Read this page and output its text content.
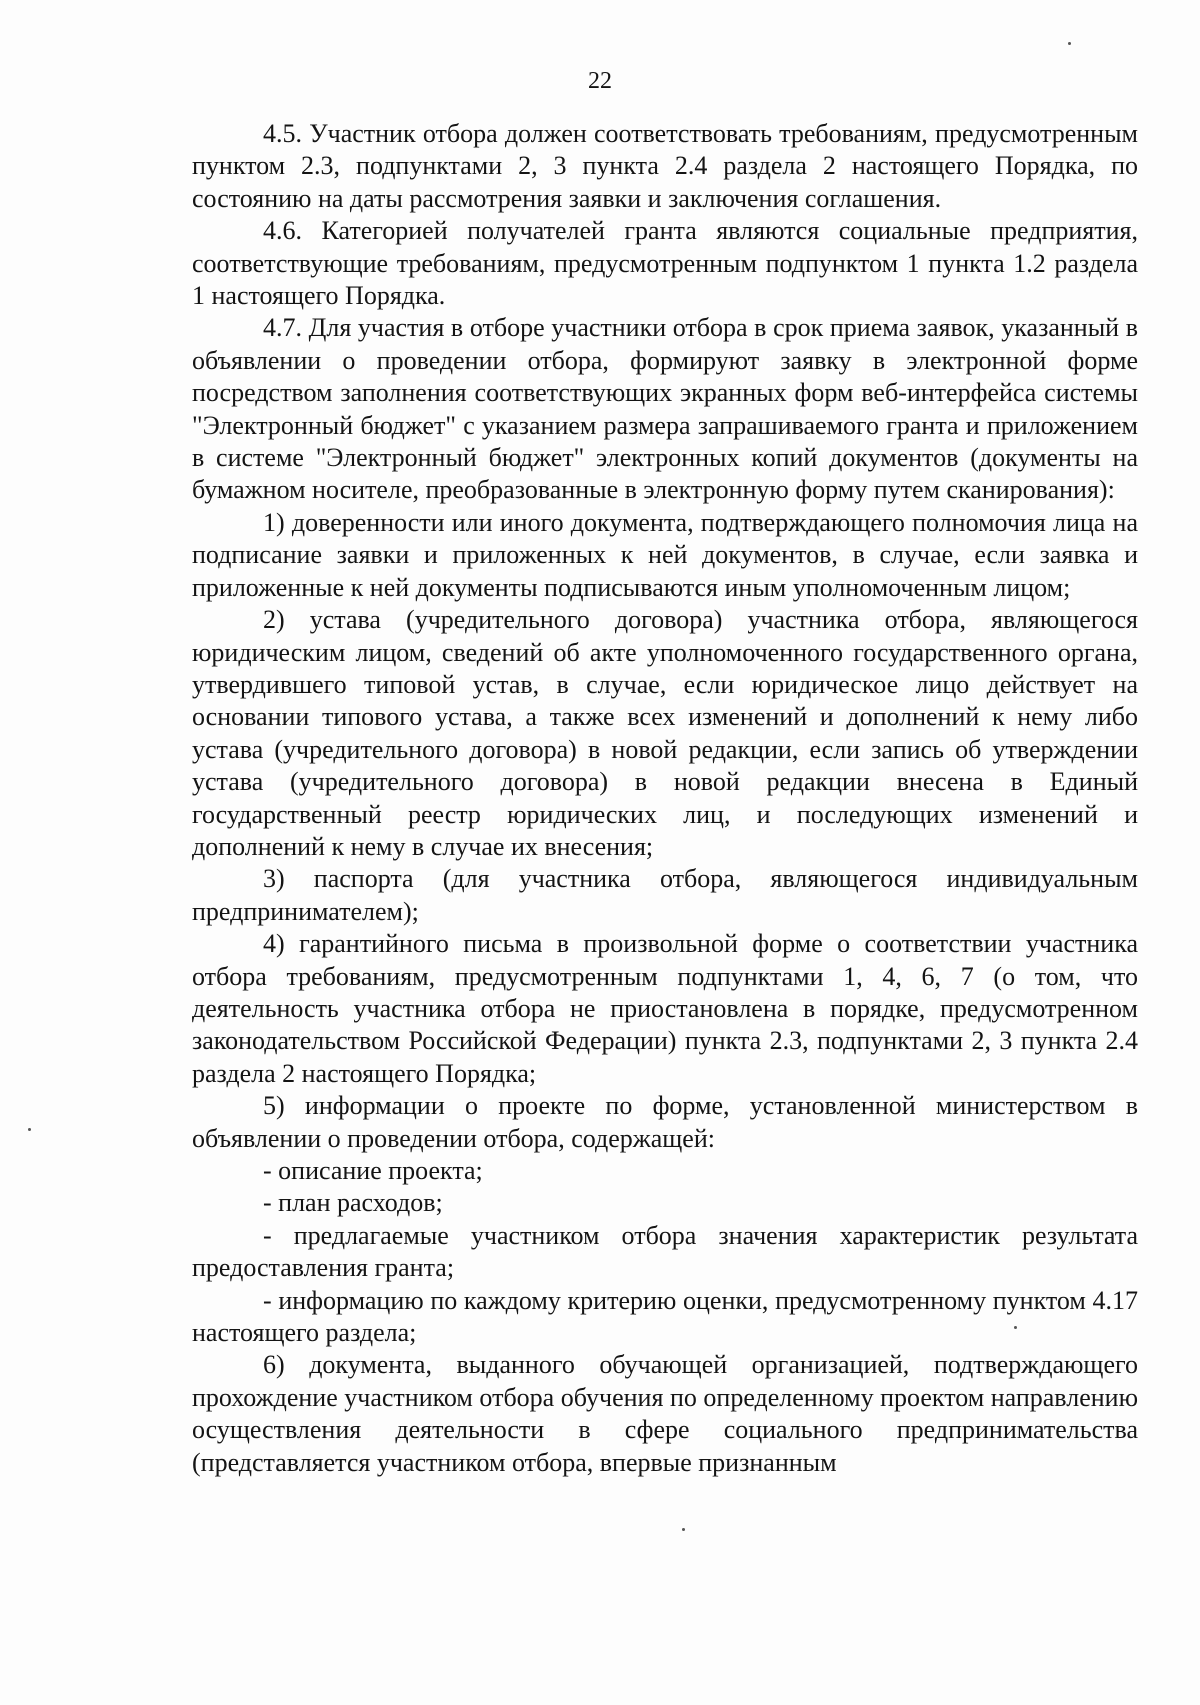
22

4.5. Участник отбора должен соответствовать требованиям, предусмотренным пунктом 2.3, подпунктами 2, 3 пункта 2.4 раздела 2 настоящего Порядка, по состоянию на даты рассмотрения заявки и заключения соглашения.

4.6. Категорией получателей гранта являются социальные предприятия, соответствующие требованиям, предусмотренным подпунктом 1 пункта 1.2 раздела 1 настоящего Порядка.

4.7. Для участия в отборе участники отбора в срок приема заявок, указанный в объявлении о проведении отбора, формируют заявку в электронной форме посредством заполнения соответствующих экранных форм веб-интерфейса системы "Электронный бюджет" с указанием размера запрашиваемого гранта и приложением в системе "Электронный бюджет" электронных копий документов (документы на бумажном носителе, преобразованные в электронную форму путем сканирования):

1) доверенности или иного документа, подтверждающего полномочия лица на подписание заявки и приложенных к ней документов, в случае, если заявка и приложенные к ней документы подписываются иным уполномоченным лицом;

2) устава (учредительного договора) участника отбора, являющегося юридическим лицом, сведений об акте уполномоченного государственного органа, утвердившего типовой устав, в случае, если юридическое лицо действует на основании типового устава, а также всех изменений и дополнений к нему либо устава (учредительного договора) в новой редакции, если запись об утверждении устава (учредительного договора) в новой редакции внесена в Единый государственный реестр юридических лиц, и последующих изменений и дополнений к нему в случае их внесения;

3) паспорта (для участника отбора, являющегося индивидуальным предпринимателем);

4) гарантийного письма в произвольной форме о соответствии участника отбора требованиям, предусмотренным подпунктами 1, 4, 6, 7 (о том, что деятельность участника отбора не приостановлена в порядке, предусмотренном законодательством Российской Федерации) пункта 2.3, подпунктами 2, 3 пункта 2.4 раздела 2 настоящего Порядка;

5) информации о проекте по форме, установленной министерством в объявлении о проведении отбора, содержащей:

- описание проекта;

- план расходов;

- предлагаемые участником отбора значения характеристик результата предоставления гранта;

- информацию по каждому критерию оценки, предусмотренному пунктом 4.17 настоящего раздела;

6) документа, выданного обучающей организацией, подтверждающего прохождение участником отбора обучения по определенному проектом направлению осуществления деятельности в сфере социального предпринимательства (представляется участником отбора, впервые признанным
